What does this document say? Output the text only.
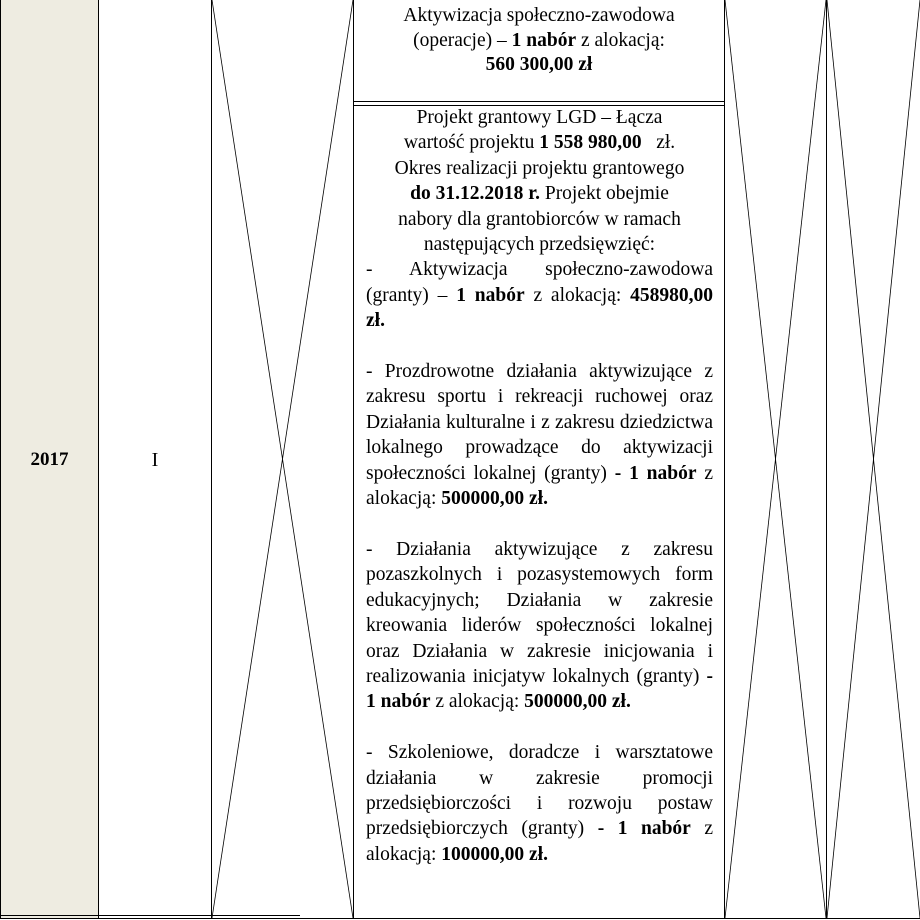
2017	I
Aktywizacja społeczno-zawodowa
(operacje) – 1 nabór z alokacją:
560 300,00 zł
Projekt grantowy LGD – Łącza
wartość projektu 1 558 980,00 zł.
Okres realizacji projektu grantowego
do 31.12.2018 r. Projekt obejmie
nabory dla grantobiorców w ramach
następujących przedsięwzięć:

- Aktywizacja społeczno-zawodowa (granty) – 1 nabór z alokacją: 458980,00 zł.

- Prozdrowotne działania aktywizujące z zakresu sportu i rekreacji ruchowej oraz Działania kulturalne i z zakresu dziedzictwa lokalnego prowadzące do aktywizacji społeczności lokalnej (granty) - 1 nabór z alokacją: 500000,00 zł.

- Działania aktywizujące z zakresu pozaszkolnych i pozasystemowych form edukacyjnych; Działania w zakresie kreowania liderów społeczności lokalnej oraz Działania w zakresie inicjowania i realizowania inicjatyw lokalnych (granty) - 1 nabór z alokacją: 500000,00 zł.

- Szkoleniowe, doradcze i warsztatowe działania w zakresie promocji przedsiębiorczości i rozwoju postaw przedsiębiorczych (granty) - 1 nabór z alokacją: 100000,00 zł.
